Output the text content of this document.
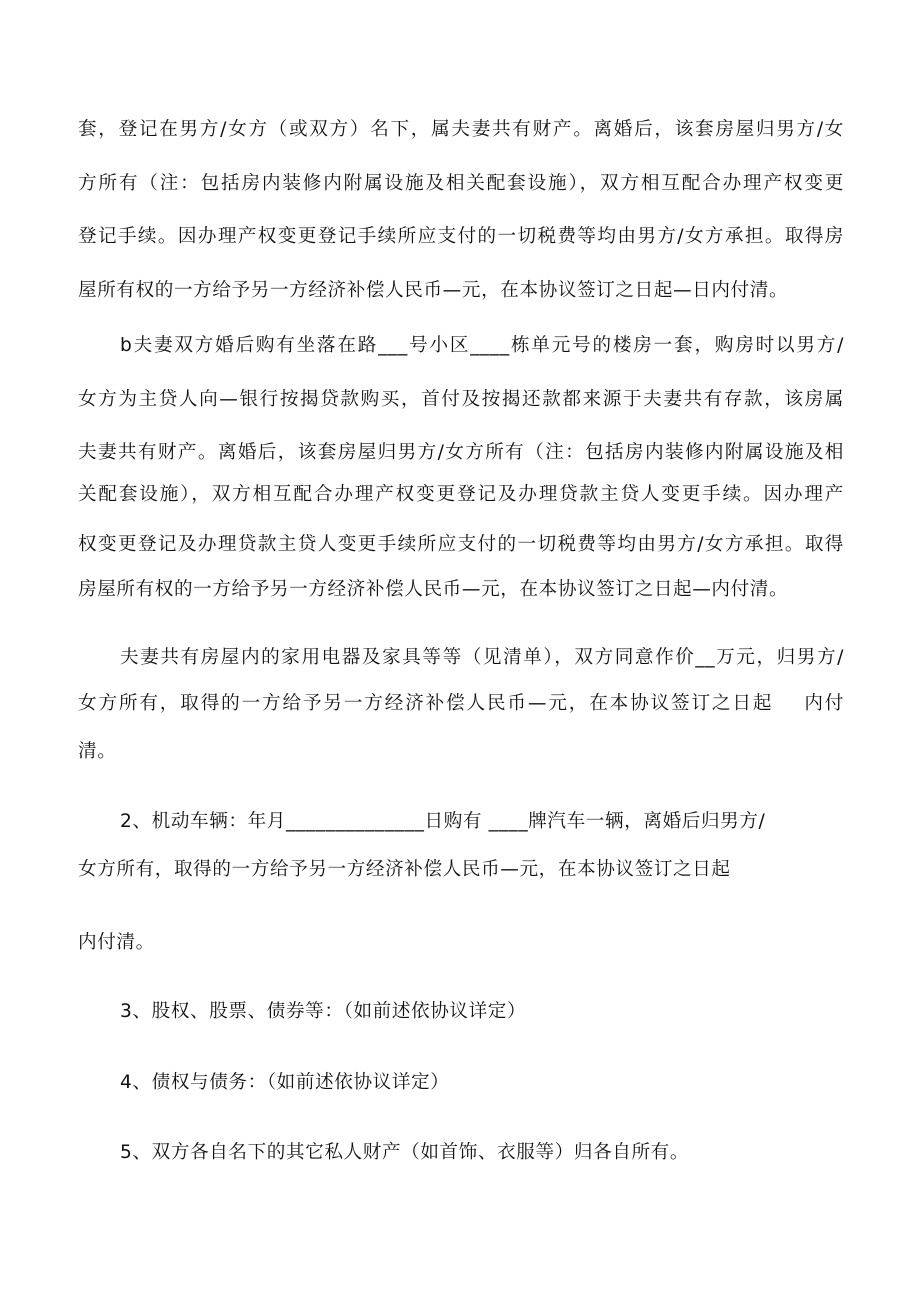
套，登记在男方/女方（或双方）名下，属夫妻共有财产。离婚后，该套房屋归男方/女
方所有（注：包括房内装修内附属设施及相关配套设施），双方相互配合办理产权变更
登记手续。因办理产权变更登记手续所应支付的一切税费等均由男方/女方承担。取得房
屋所有权的一方给予另一方经济补偿人民币—元，在本协议签订之日起—日内付清。
b夫妻双方婚后购有坐落在路___号小区____栋单元号的楼房一套，购房时以男方/
女方为主贷人向—银行按揭贷款购买，首付及按揭还款都来源于夫妻共有存款，该房属
夫妻共有财产。离婚后，该套房屋归男方/女方所有（注：包括房内装修内附属设施及相
关配套设施），双方相互配合办理产权变更登记及办理贷款主贷人变更手续。因办理产
权变更登记及办理贷款主贷人变更手续所应支付的一切税费等均由男方/女方承担。取得
房屋所有权的一方给予另一方经济补偿人民币—元，在本协议签订之日起—内付清。
夫妻共有房屋内的家用电器及家具等等（见清单），双方同意作价__万元，归男方/
女方所有，取得的一方给予另一方经济补偿人民币—元，在本协议签订之日起    内付
清。
2、机动车辆：年月______________日购有 ____牌汽车一辆，离婚后归男方/
女方所有，取得的一方给予另一方经济补偿人民币—元，在本协议签订之日起
内付清。
3、股权、股票、债券等：（如前述依协议详定）
4、债权与债务：（如前述依协议详定）
5、双方各自名下的其它私人财产（如首饰、衣服等）归各自所有。
